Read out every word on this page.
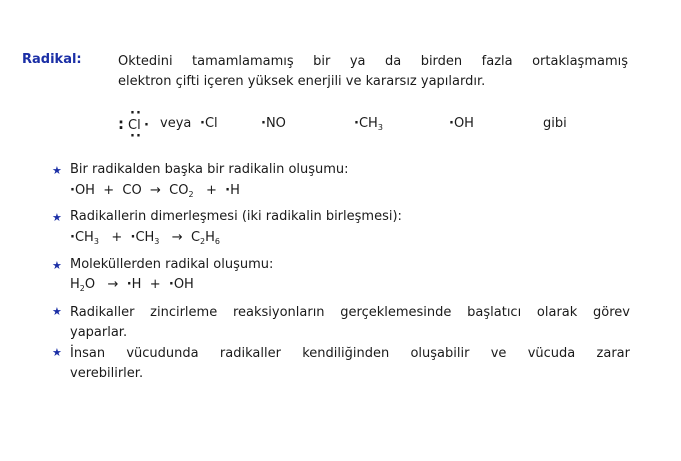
Radikal:	Oktedini tamamlamamış bir ya da birden fazla ortaklaşmamış
elektron çifti içeren yüksek enerjili ve kararsız yapılardır.
:
··
Cl
··
· veya ·Cl	·NO	$\cdot CH_3$	·OH	gibi
★ Bir radikalden başka bir radikalin oluşumu:
·OH + CO → $CO_2 + \cdot H$
★ Radikallerin dimerleşmesi (iki radikalin birleşmesi):
$\cdot CH_3 + \cdot CH_3 \to C_2H_6$
★ Moleküllerden radikal oluşumu:
$H_2O \to \cdot H + \cdot OH$
★ Radikaller zincirleme reaksiyonların gerçeklemesinde başlatıcı olarak görev
yaparlar.
★ İnsan vücudunda radikaller kendiliğinden oluşabilir ve vücuda zarar
verebilirler.
